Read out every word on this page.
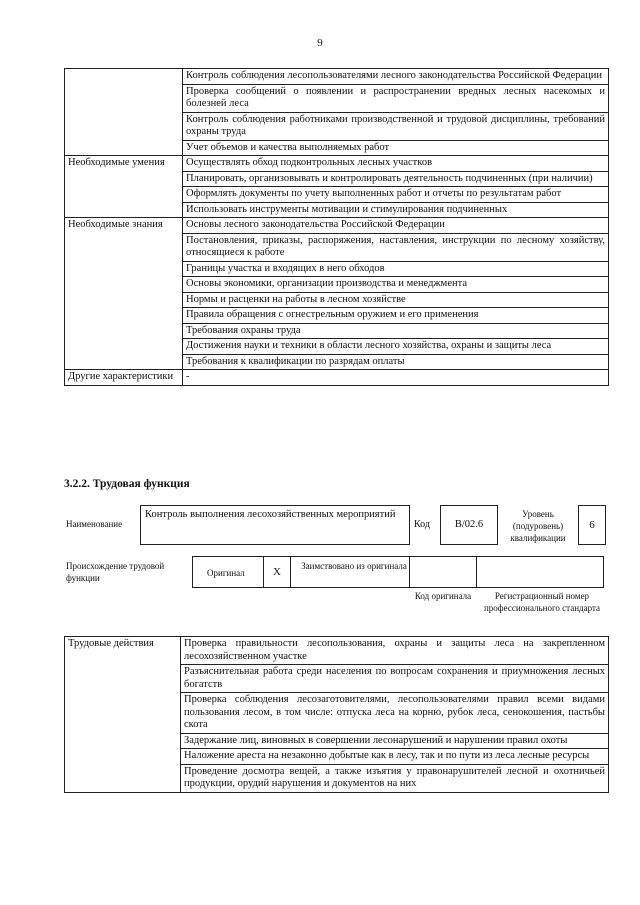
9
	Контроль соблюдения лесопользователями лесного законодательства Российской Федерации
	Проверка сообщений о появлении и распространении вредных лесных насекомых и болезней леса
	Контроль соблюдения работниками производственной и трудовой дисциплины, требований охраны труда
	Учет объемов и качества выполняемых работ
Необходимые умения	Осуществлять обход подконтрольных лесных участков
	Планировать, организовывать и контролировать деятельность подчиненных (при наличии)
	Оформлять документы по учету выполненных работ и отчеты по результатам работ
	Использовать инструменты мотивации и стимулирования подчиненных
Необходимые знания	Основы лесного законодательства Российской Федерации
	Постановления, приказы, распоряжения, наставления, инструкции по лесному хозяйству, относящиеся к работе
	Границы участка и входящих в него обходов
	Основы экономики, организации производства и менеджмента
	Нормы и расценки на работы в лесном хозяйстве
	Правила обращения с огнестрельным оружием и его применения
	Требования охраны труда
	Достижения науки и техники в области лесного хозяйства, охраны и защиты леса
	Требования к квалификации по разрядам оплаты
Другие характеристики	-
3.2.2. Трудовая функция
Наименование
Контроль выполнения лесохозяйственных мероприятий
Код	B/02.6
Уровень (подуровень) квалификации
6
Происхождение трудовой функции	Оригинал	X	Заимствовано из оригинала
Код оригинала	Регистрационный номер профессионального стандарта
Трудовые действия	Проверка правильности лесопользования, охраны и защиты леса на закрепленном лесохозяйственном участке
Разъяснительная работа среди населения по вопросам сохранения и приумножения лесных богатств
Проверка соблюдения лесозаготовителями, лесопользователями правил всеми видами пользования лесом, в том числе: отпуска леса на корню, рубок леса, сенокошения, пастьбы скота
Задержание лиц, виновных в совершении лесонарушений и нарушении правил охоты
Наложение ареста на незаконно добытые как в лесу, так и по пути из леса лесные ресурсы
Проведение досмотра вещей, а также изъятия у правонарушителей лесной и охотничьей продукции, орудий нарушения и документов на них
